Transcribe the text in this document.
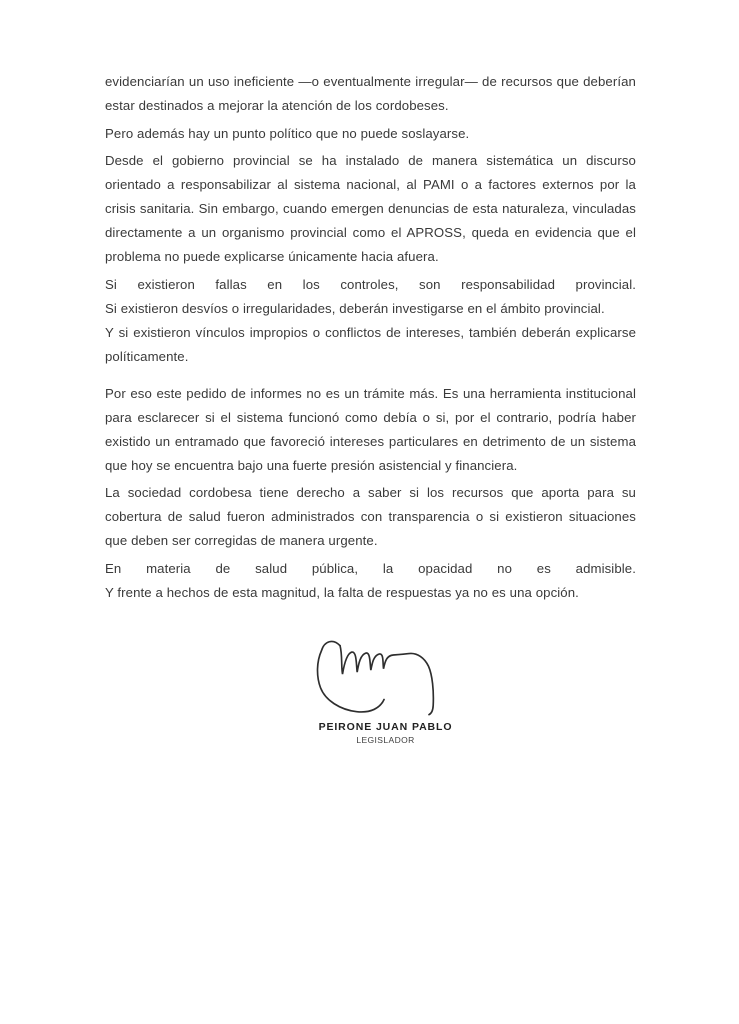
evidenciarían un uso ineficiente —o eventualmente irregular— de recursos que deberían estar destinados a mejorar la atención de los cordobeses.

Pero además hay un punto político que no puede soslayarse.

Desde el gobierno provincial se ha instalado de manera sistemática un discurso orientado a responsabilizar al sistema nacional, al PAMI o a factores externos por la crisis sanitaria. Sin embargo, cuando emergen denuncias de esta naturaleza, vinculadas directamente a un organismo provincial como el APROSS, queda en evidencia que el problema no puede explicarse únicamente hacia afuera.

Si existieron fallas en los controles, son responsabilidad provincial.
Si existieron desvíos o irregularidades, deberán investigarse en el ámbito provincial.
Y si existieron vínculos impropios o conflictos de intereses, también deberán explicarse políticamente.

Por eso este pedido de informes no es un trámite más. Es una herramienta institucional para esclarecer si el sistema funcionó como debía o si, por el contrario, podría haber existido un entramado que favoreció intereses particulares en detrimento de un sistema que hoy se encuentra bajo una fuerte presión asistencial y financiera.

La sociedad cordobesa tiene derecho a saber si los recursos que aporta para su cobertura de salud fueron administrados con transparencia o si existieron situaciones que deben ser corregidas de manera urgente.

En materia de salud pública, la opacidad no es admisible.
Y frente a hechos de esta magnitud, la falta de respuestas ya no es una opción.

PEIRONE JUAN PABLO
LEGISLADOR
